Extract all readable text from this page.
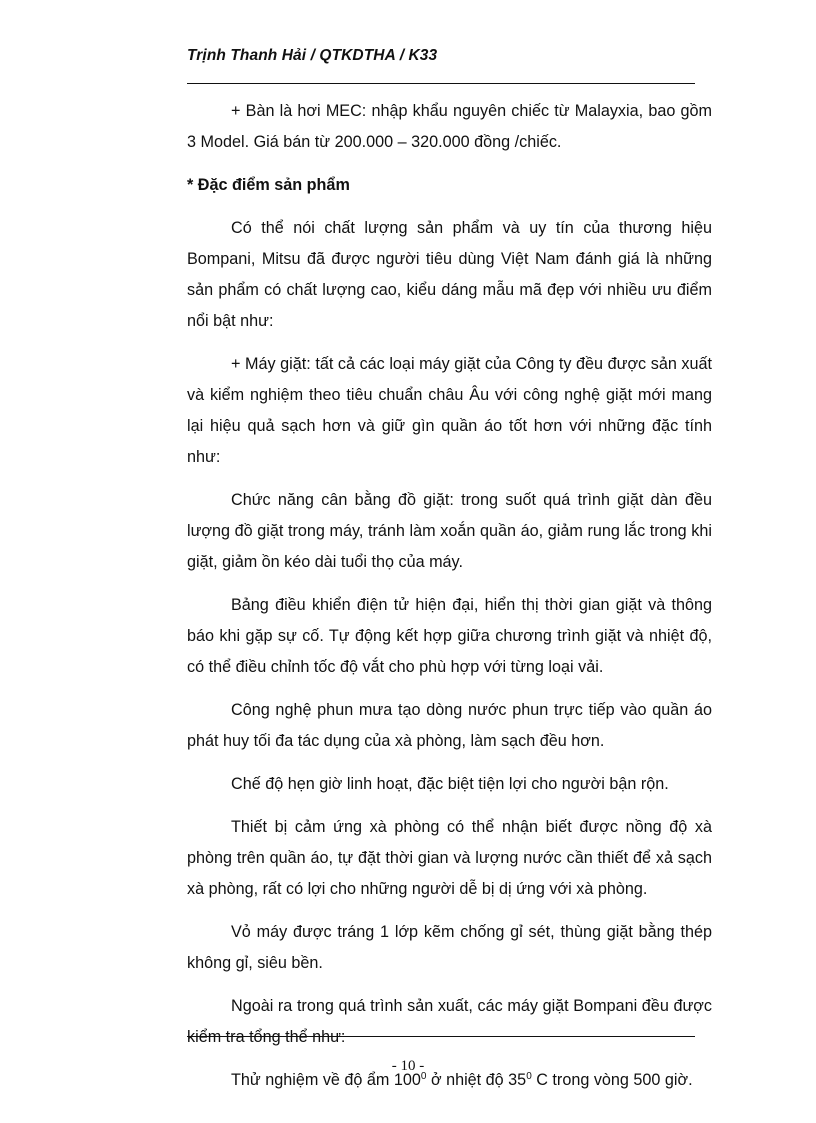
Trịnh Thanh Hải / QTKDTHA / K33

+ Bàn là hơi MEC: nhập khẩu nguyên chiếc từ Malayxia, bao gồm 3 Model. Giá bán từ 200.000 – 320.000 đồng /chiếc.

* Đặc điểm sản phẩm

Có thể nói chất lượng sản phẩm và uy tín của thương hiệu Bompani, Mitsu đã được người tiêu dùng Việt Nam đánh giá là những sản phẩm có chất lượng cao, kiểu dáng mẫu mã đẹp với nhiều ưu điểm nổi bật như:

+ Máy giặt: tất cả các loại máy giặt của Công ty đều được sản xuất và kiểm nghiệm theo tiêu chuẩn châu Âu với công nghệ giặt mới mang lại hiệu quả sạch hơn và giữ gìn quần áo tốt hơn với những đặc tính như:

Chức năng cân bằng đồ giặt: trong suốt quá trình giặt dàn đều lượng đồ giặt trong máy, tránh làm xoắn quần áo, giảm rung lắc trong khi giặt, giảm ồn kéo dài tuổi thọ của máy.

Bảng điều khiển điện tử hiện đại, hiển thị thời gian giặt và thông báo khi gặp sự cố. Tự động kết hợp giữa chương trình giặt và nhiệt độ, có thể điều chỉnh tốc độ vắt cho phù hợp với từng loại vải.

Công nghệ phun mưa tạo dòng nước phun trực tiếp vào quần áo phát huy tối đa tác dụng của xà phòng, làm sạch đều hơn.

Chế độ hẹn giờ linh hoạt, đặc biệt tiện lợi cho người bận rộn.

Thiết bị cảm ứng xà phòng có thể nhận biết được nồng độ xà phòng trên quần áo, tự đặt thời gian và lượng nước cần thiết để xả sạch xà phòng, rất có lợi cho những người dễ bị dị ứng với xà phòng.

Vỏ máy được tráng 1 lớp kẽm chống gỉ sét, thùng giặt bằng thép không gỉ, siêu bền.

Ngoài ra trong quá trình sản xuất, các máy giặt Bompani đều được kiểm tra tổng thể như:

Thử nghiệm về độ ẩm $100^0$ ở nhiệt độ $35^0$ C trong vòng 500 giờ.

- 10 -
